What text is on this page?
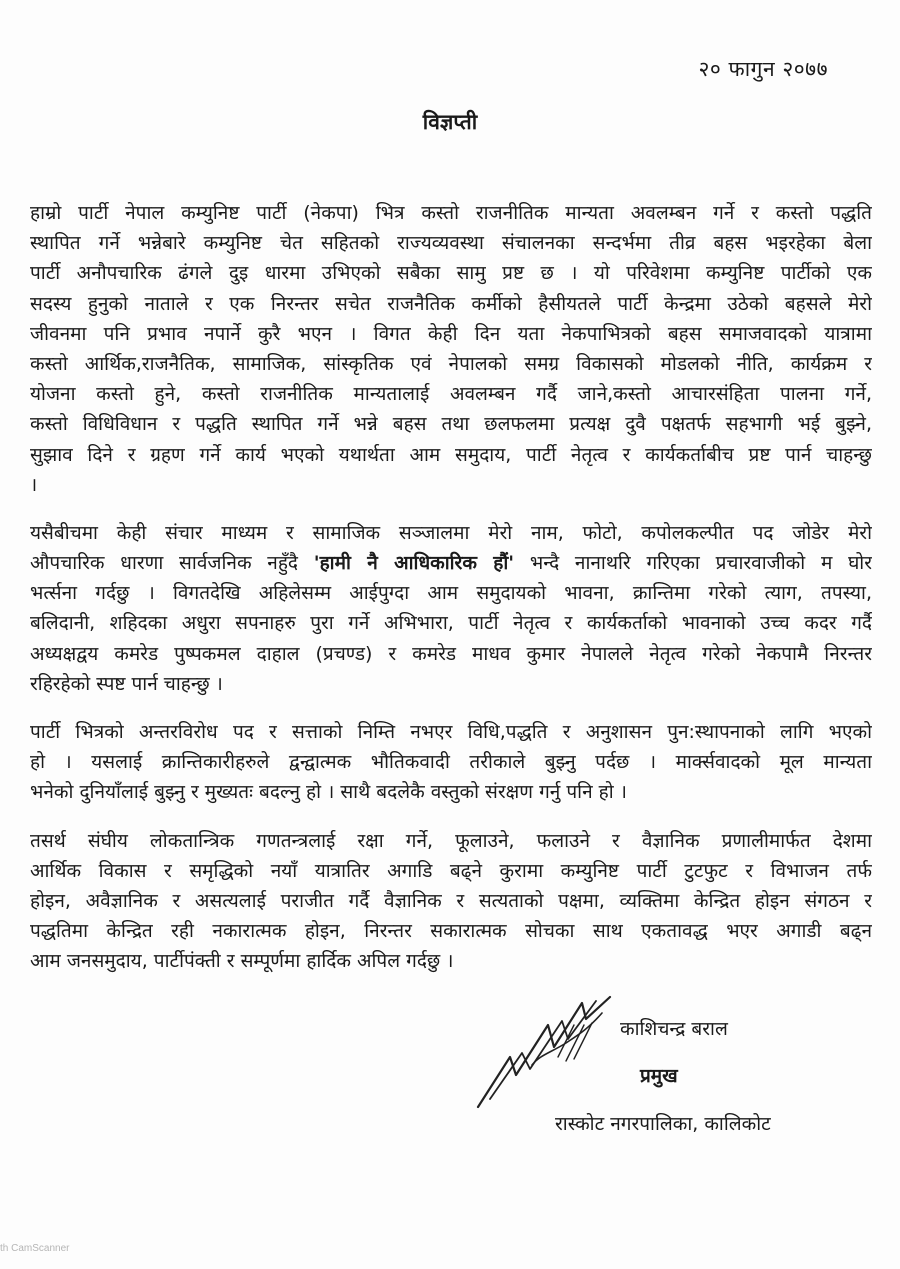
२० फागुन २०७७
विज्ञप्ती
हाम्रो पार्टी नेपाल कम्युनिष्ट पार्टी (नेकपा) भित्र कस्तो राजनीतिक मान्यता अवलम्बन गर्ने र कस्तो पद्धति
स्थापित गर्ने भन्नेबारे कम्युनिष्ट चेत सहितको राज्यव्यवस्था संचालनका सन्दर्भमा तीव्र बहस भइरहेका बेला
पार्टी अनौपचारिक ढंगले दुइ धारमा उभिएको सबैका सामु प्रष्ट छ । यो परिवेशमा कम्युनिष्ट पार्टीको एक
सदस्य हुनुको नाताले र एक निरन्तर सचेत राजनैतिक कर्मीको हैसीयतले पार्टी केन्द्रमा उठेको बहसले मेरो
जीवनमा पनि प्रभाव नपार्ने कुरै भएन । विगत केही दिन यता नेकपाभित्रको बहस समाजवादको यात्रामा
कस्तो आर्थिक,राजनैतिक, सामाजिक, सांस्कृतिक एवं नेपालको समग्र विकासको मोडलको नीति, कार्यक्रम र
योजना कस्तो हुने, कस्तो राजनीतिक मान्यतालाई अवलम्बन गर्दै जाने,कस्तो आचारसंहिता पालना गर्ने,
कस्तो विधिविधान र पद्धति स्थापित गर्ने भन्ने बहस तथा छलफलमा प्रत्यक्ष दुवै पक्षतर्फ सहभागी भई बुझ्ने,
सुझाव दिने र ग्रहण गर्ने कार्य भएको यथार्थता आम समुदाय, पार्टी नेतृत्व र कार्यकर्ताबीच प्रष्ट पार्न चाहन्छु
।
यसैबीचमा केही संचार माध्यम र सामाजिक सञ्जालमा मेरो नाम, फोटो, कपोलकल्पीत पद जोडेर मेरो
औपचारिक धारणा सार्वजनिक नहुँदै 'हामी नै आधिकारिक हौं' भन्दै नानाथरि गरिएका प्रचारवाजीको म घोर
भर्त्सना गर्दछु । विगतदेखि अहिलेसम्म आईपुग्दा आम समुदायको भावना, क्रान्तिमा गरेको त्याग, तपस्या,
बलिदानी, शहिदका अधुरा सपनाहरु पुरा गर्ने अभिभारा, पार्टी नेतृत्व र कार्यकर्ताको भावनाको उच्च कदर गर्दै
अध्यक्षद्वय कमरेड पुष्पकमल दाहाल (प्रचण्ड) र कमरेड माधव कुमार नेपालले नेतृत्व गरेको नेकपामै निरन्तर
रहिरहेको स्पष्ट पार्न चाहन्छु ।
पार्टी भित्रको अन्तरविरोध पद र सत्ताको निम्ति नभएर विधि,पद्धति र अनुशासन पुन:स्थापनाको लागि भएको
हो । यसलाई क्रान्तिकारीहरुले द्वन्द्वात्मक भौतिकवादी तरीकाले बुझ्नु पर्दछ । मार्क्सवादको मूल मान्यता
भनेको दुनियाँलाई बुझ्नु र मुख्यतः बदल्नु हो । साथै बदलेकै वस्तुको संरक्षण गर्नु पनि हो ।
तसर्थ संघीय लोकतान्त्रिक गणतन्त्रलाई रक्षा गर्ने, फूलाउने, फलाउने र वैज्ञानिक प्रणालीमार्फत देशमा
आर्थिक विकास र समृद्धिको नयाँ यात्रातिर अगाडि बढ्ने कुरामा कम्युनिष्ट पार्टी टुटफुट र विभाजन तर्फ
होइन, अवैज्ञानिक र असत्यलाई पराजीत गर्दै वैज्ञानिक र सत्यताको पक्षमा, व्यक्तिमा केन्द्रित होइन संगठन र
पद्धतिमा केन्द्रित रही नकारात्मक होइन, निरन्तर सकारात्मक सोचका साथ एकतावद्ध भएर अगाडी बढ्न
आम जनसमुदाय, पार्टीपंक्ती र सम्पूर्णमा हार्दिक अपिल गर्दछु ।
काशिचन्द्र बराल
प्रमुख
रास्कोट नगरपालिका, कालिकोट
th CamScanner
